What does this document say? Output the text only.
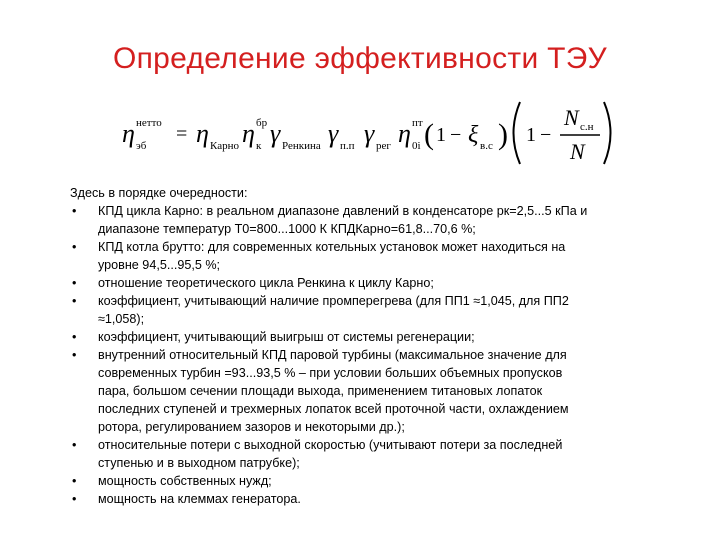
Определение эффективности ТЭУ
η нетто
эб
= η Карно η бр
к γ Ренкина γ п.п γ рег η пт
0i ( 1 − ξ в.с ) 1 −
N с.н
N

Здесь в порядке очередности:

• КПД цикла Карно: в реальном диапазоне давлений в конденсаторе pк=2,5...5 кПа и
диапазоне температур Т0=800...1000 К КПДКарно=61,8...70,6 %;
• КПД котла брутто: для современных котельных установок может находиться на
уровне 94,5...95,5 %;
• отношение теоретического цикла Ренкина к циклу Карно;
• коэффициент, учитывающий наличие промперегрева (для ПП1 ≈1,045, для ПП2
≈1,058);
• коэффициент, учитывающий выигрыш от системы регенерации;
• внутренний относительный КПД паровой турбины (максимальное значение для
современных турбин =93...93,5 % – при условии больших объемных пропусков
пара, большом сечении площади выхода, применением титановых лопаток
последних ступеней и трехмерных лопаток всей проточной части, охлаждением
ротора, регулированием зазоров и некоторыми др.);
• относительные потери с выходной скоростью (учитывают потери за последней
ступенью и в выходном патрубке);
• мощность собственных нужд;
• мощность на клеммах генератора.
